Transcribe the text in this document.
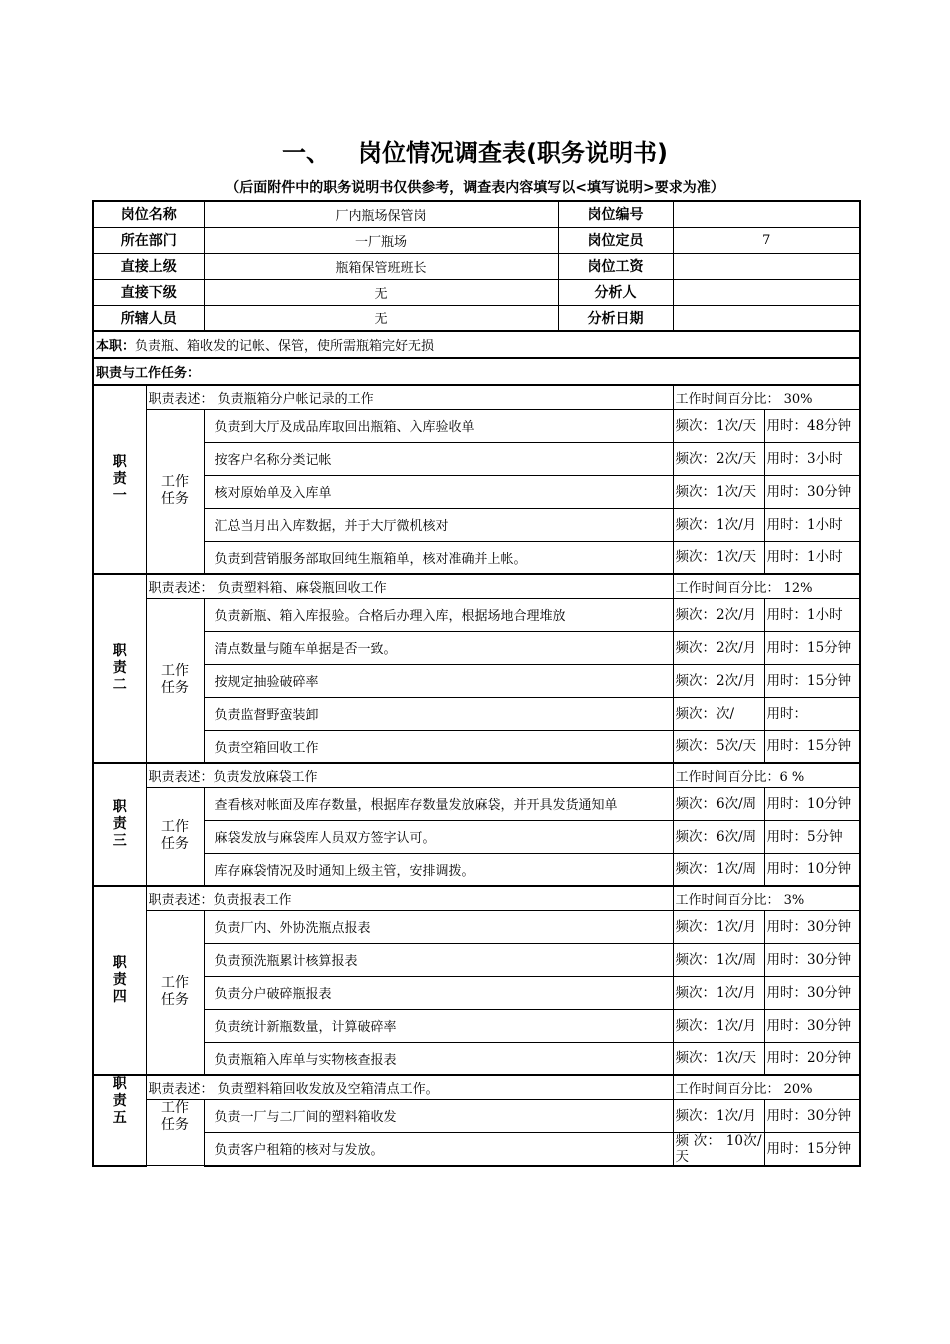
一、 岗位情况调查表(职务说明书)
（后面附件中的职务说明书仅供参考，调查表内容填写以<填写说明>要求为准）
岗位名称		厂内瓶场保管岗	岗位编号		
所在部门		一厂瓶场	岗位定员	7	
直接上级		瓶箱保管班班长	岗位工资		
直接下级		无	分析人		
所辖人员		无	分析日期		
本职：负责瓶、箱收发的记帐、保管，使所需瓶箱完好无损					
职责与工作任务：					
职责一	职责表述： 负责瓶箱分户帐记录的工作			工作时间百分比： 30%	
	工作任务	负责到大厅及成品库取回出瓶箱、入库验收单		频次：1次/天	用时：48分钟
		按客户名称分类记帐		频次：2次/天	用时：3小时
		核对原始单及入库单		频次：1次/天	用时：30分钟
		汇总当月出入库数据，并于大厅微机核对		频次：1次/月	用时：1小时
		负责到营销服务部取回纯生瓶箱单，核对准确并上帐。		频次：1次/天	用时：1小时
职责二	职责表述： 负责塑料箱、麻袋瓶回收工作			工作时间百分比： 12%	
	工作任务	负责新瓶、箱入库报验。合格后办理入库，根据场地合理堆放		频次：2次/月	用时：1小时
		清点数量与随车单据是否一致。		频次：2次/月	用时：15分钟
		按规定抽验破碎率		频次：2次/月	用时：15分钟
		负责监督野蛮装卸		频次：次/	用时：
		负责空箱回收工作		频次：5次/天	用时：15分钟
职责三	职责表述：负责发放麻袋工作			工作时间百分比：6 %	
	工作任务	查看核对帐面及库存数量，根据库存数量发放麻袋，并开具发货通知单		频次：6次/周	用时：10分钟
		麻袋发放与麻袋库人员双方签字认可。		频次：6次/周	用时：5分钟
		库存麻袋情况及时通知上级主管，安排调拨。		频次：1次/周	用时：10分钟
职责四	职责表述：负责报表工作			工作时间百分比： 3%	
	工作任务	负责厂内、外协洗瓶点报表		频次：1次/月	用时：30分钟
		负责预洗瓶累计核算报表		频次：1次/周	用时：30分钟
		负责分户破碎瓶报表		频次：1次/月	用时：30分钟
		负责统计新瓶数量，计算破碎率		频次：1次/月	用时：30分钟
		负责瓶箱入库单与实物核查报表		频次：1次/天	用时：20分钟
职责五	职责表述： 负责塑料箱回收发放及空箱清点工作。			工作时间百分比： 20%	
	工作任务	负责一厂与二厂间的塑料箱收发		频次：1次/月	用时：30分钟
		负责客户租箱的核对与发放。		频 次： 10次/天	用时：15分钟
